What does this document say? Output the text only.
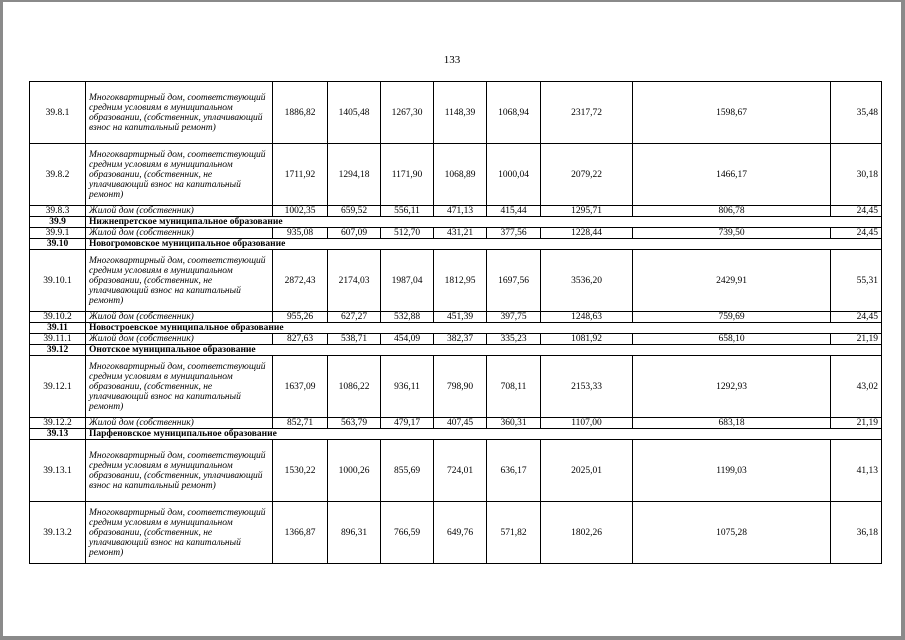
133
39.8.1	Многоквартирный дом, соответствующий средним условиям в муниципальном образовании, (собственник, уплачивающий взнос на капитальный ремонт)	1886,82	1405,48	1267,30	1148,39	1068,94	2317,72	1598,67	35,48
39.8.2	Многоквартирный дом, соответствующий средним условиям в муниципальном образовании, (собственник, не уплачивающий взнос на капитальный ремонт)	1711,92	1294,18	1171,90	1068,89	1000,04	2079,22	1466,17	30,18
39.8.3	Жилой дом (собственник)	1002,35	659,52	556,11	471,13	415,44	1295,71	806,78	24,45
39.9	Нижнепретское муниципальное образование								
39.9.1	Жилой дом (собственник)	935,08	607,09	512,70	431,21	377,56	1228,44	739,50	24,45
39.10	Новогромовское муниципальное образование								
39.10.1	Многоквартирный дом, соответствующий средним условиям в муниципальном образовании, (собственник, не уплачивающий взнос на капитальный ремонт)	2872,43	2174,03	1987,04	1812,95	1697,56	3536,20	2429,91	55,31
39.10.2	Жилой дом (собственник)	955,26	627,27	532,88	451,39	397,75	1248,63	759,69	24,45
39.11	Новостроевское муниципальное образование								
39.11.1	Жилой дом (собственник)	827,63	538,71	454,09	382,37	335,23	1081,92	658,10	21,19
39.12	Онотское муниципальное образование								
39.12.1	Многоквартирный дом, соответствующий средним условиям в муниципальном образовании, (собственник, не уплачивающий взнос на капитальный ремонт)	1637,09	1086,22	936,11	798,90	708,11	2153,33	1292,93	43,02
39.12.2	Жилой дом (собственник)	852,71	563,79	479,17	407,45	360,31	1107,00	683,18	21,19
39.13	Парфеновское муниципальное образование								
39.13.1	Многоквартирный дом, соответствующий средним условиям в муниципальном образовании, (собственник, уплачивающий взнос на капитальный ремонт)	1530,22	1000,26	855,69	724,01	636,17	2025,01	1199,03	41,13
39.13.2	Многоквартирный дом, соответствующий средним условиям в муниципальном образовании, (собственник, не уплачивающий взнос на капитальный ремонт)	1366,87	896,31	766,59	649,76	571,82	1802,26	1075,28	36,18
